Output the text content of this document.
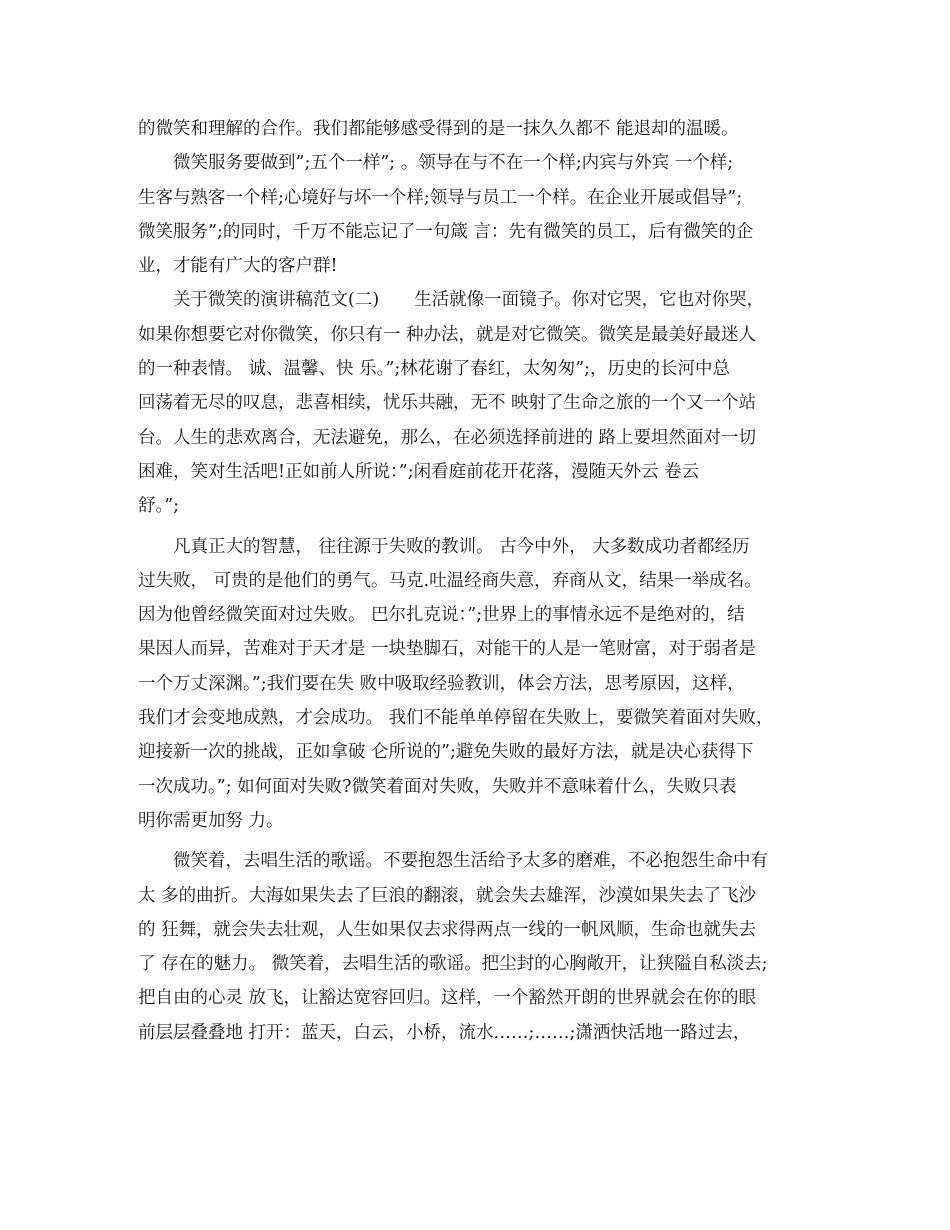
的微笑和理解的合作。我们都能够感受得到的是一抹久久都不 能退却的温暖。
　　微笑服务要做到”;五个一样”; 。领导在与不在一个样;内宾与外宾 一个样;
生客与熟客一个样;心境好与坏一个样;领导与员工一个样。在企业开展或倡导”;
微笑服务”;的同时，千万不能忘记了一句箴 言：先有微笑的员工，后有微笑的企
业，才能有广大的客户群!
　　关于微笑的演讲稿范文(二)　　生活就像一面镜子。你对它哭，它也对你哭，
如果你想要它对你微笑，你只有一 种办法，就是对它微笑。微笑是最美好最迷人
的一种表情。 诚、温馨、快 乐。”;林花谢了春红，太匆匆”;，历史的长河中总
回荡着无尽的叹息，悲喜相续，忧乐共融，无不 映射了生命之旅的一个又一个站
台。人生的悲欢离合，无法避免，那么，在必须选择前进的 路上要坦然面对一切
困难，笑对生活吧!正如前人所说：”;闲看庭前花开花落，漫随天外云 卷云
舒。”;
　　凡真正大的智慧， 往往源于失败的教训。 古今中外， 大多数成功者都经历
过失败， 可贵的是他们的勇气。马克.吐温经商失意，弃商从文，结果一举成名。
因为他曾经微笑面对过失败。 巴尔扎克说：”;世界上的事情永远不是绝对的，结
果因人而异，苦难对于天才是 一块垫脚石，对能干的人是一笔财富，对于弱者是
一个万丈深渊。”;我们要在失 败中吸取经验教训，体会方法，思考原因，这样，
我们才会变地成熟，才会成功。 我们不能单单停留在失败上，要微笑着面对失败，
迎接新一次的挑战，正如拿破 仑所说的”;避免失败的最好方法，就是决心获得下
一次成功。”; 如何面对失败?微笑着面对失败，失败并不意味着什么，失败只表
明你需更加努 力。
　　微笑着，去唱生活的歌谣。不要抱怨生活给予太多的磨难，不必抱怨生命中有
太 多的曲折。大海如果失去了巨浪的翻滚，就会失去雄浑，沙漠如果失去了飞沙
的 狂舞，就会失去壮观，人生如果仅去求得两点一线的一帆风顺，生命也就失去
了 存在的魅力。 微笑着，去唱生活的歌谣。把尘封的心胸敞开，让狭隘自私淡去;
把自由的心灵 放飞，让豁达宽容回归。这样，一个豁然开朗的世界就会在你的眼
前层层叠叠地 打开：蓝天，白云，小桥，流水……;……;潇洒快活地一路过去，
